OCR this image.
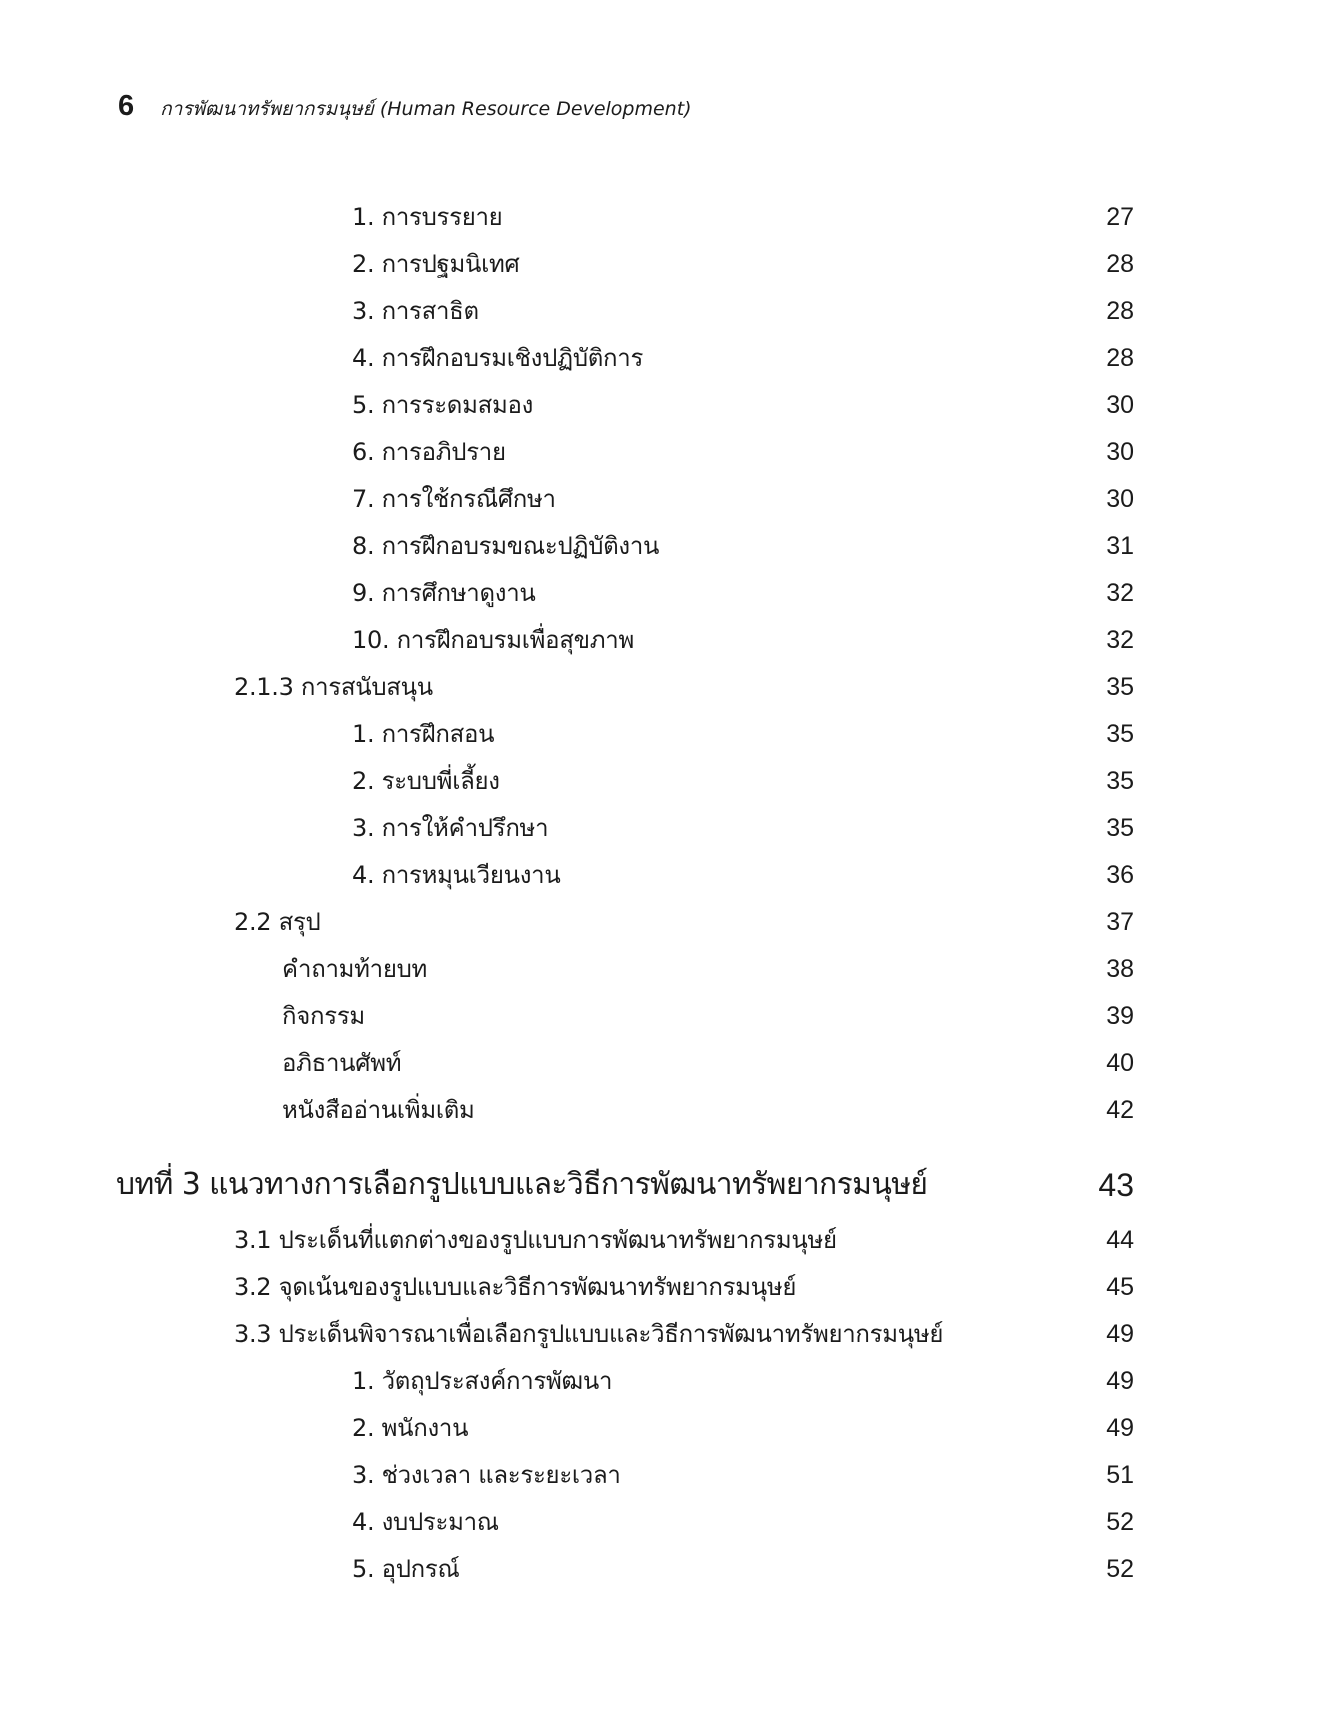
6 การพัฒนาทรัพยากรมนุษย์ (Human Resource Development)
1. การบรรยาย	27
2. การปฐมนิเทศ	28
3. การสาธิต	28
4. การฝึกอบรมเชิงปฏิบัติการ	28
5. การระดมสมอง	30
6. การอภิปราย	30
7. การใช้กรณีศึกษา	30
8. การฝึกอบรมขณะปฏิบัติงาน	31
9. การศึกษาดูงาน	32
10. การฝึกอบรมเพื่อสุขภาพ	32
2.1.3 การสนับสนุน	35
1. การฝึกสอน	35
2. ระบบพี่เลี้ยง	35
3. การให้คำปรึกษา	35
4. การหมุนเวียนงาน	36
2.2 สรุป	37
คำถามท้ายบท	38
กิจกรรม	39
อภิธานศัพท์	40
หนังสืออ่านเพิ่มเติม	42
บทที่ 3 แนวทางการเลือกรูปแบบและวิธีการพัฒนาทรัพยากรมนุษย์	43
3.1 ประเด็นที่แตกต่างของรูปแบบการพัฒนาทรัพยากรมนุษย์	44
3.2 จุดเน้นของรูปแบบและวิธีการพัฒนาทรัพยากรมนุษย์	45
3.3 ประเด็นพิจารณาเพื่อเลือกรูปแบบและวิธีการพัฒนาทรัพยากรมนุษย์	49
1. วัตถุประสงค์การพัฒนา	49
2. พนักงาน	49
3. ช่วงเวลา และระยะเวลา	51
4. งบประมาณ	52
5. อุปกรณ์	52
